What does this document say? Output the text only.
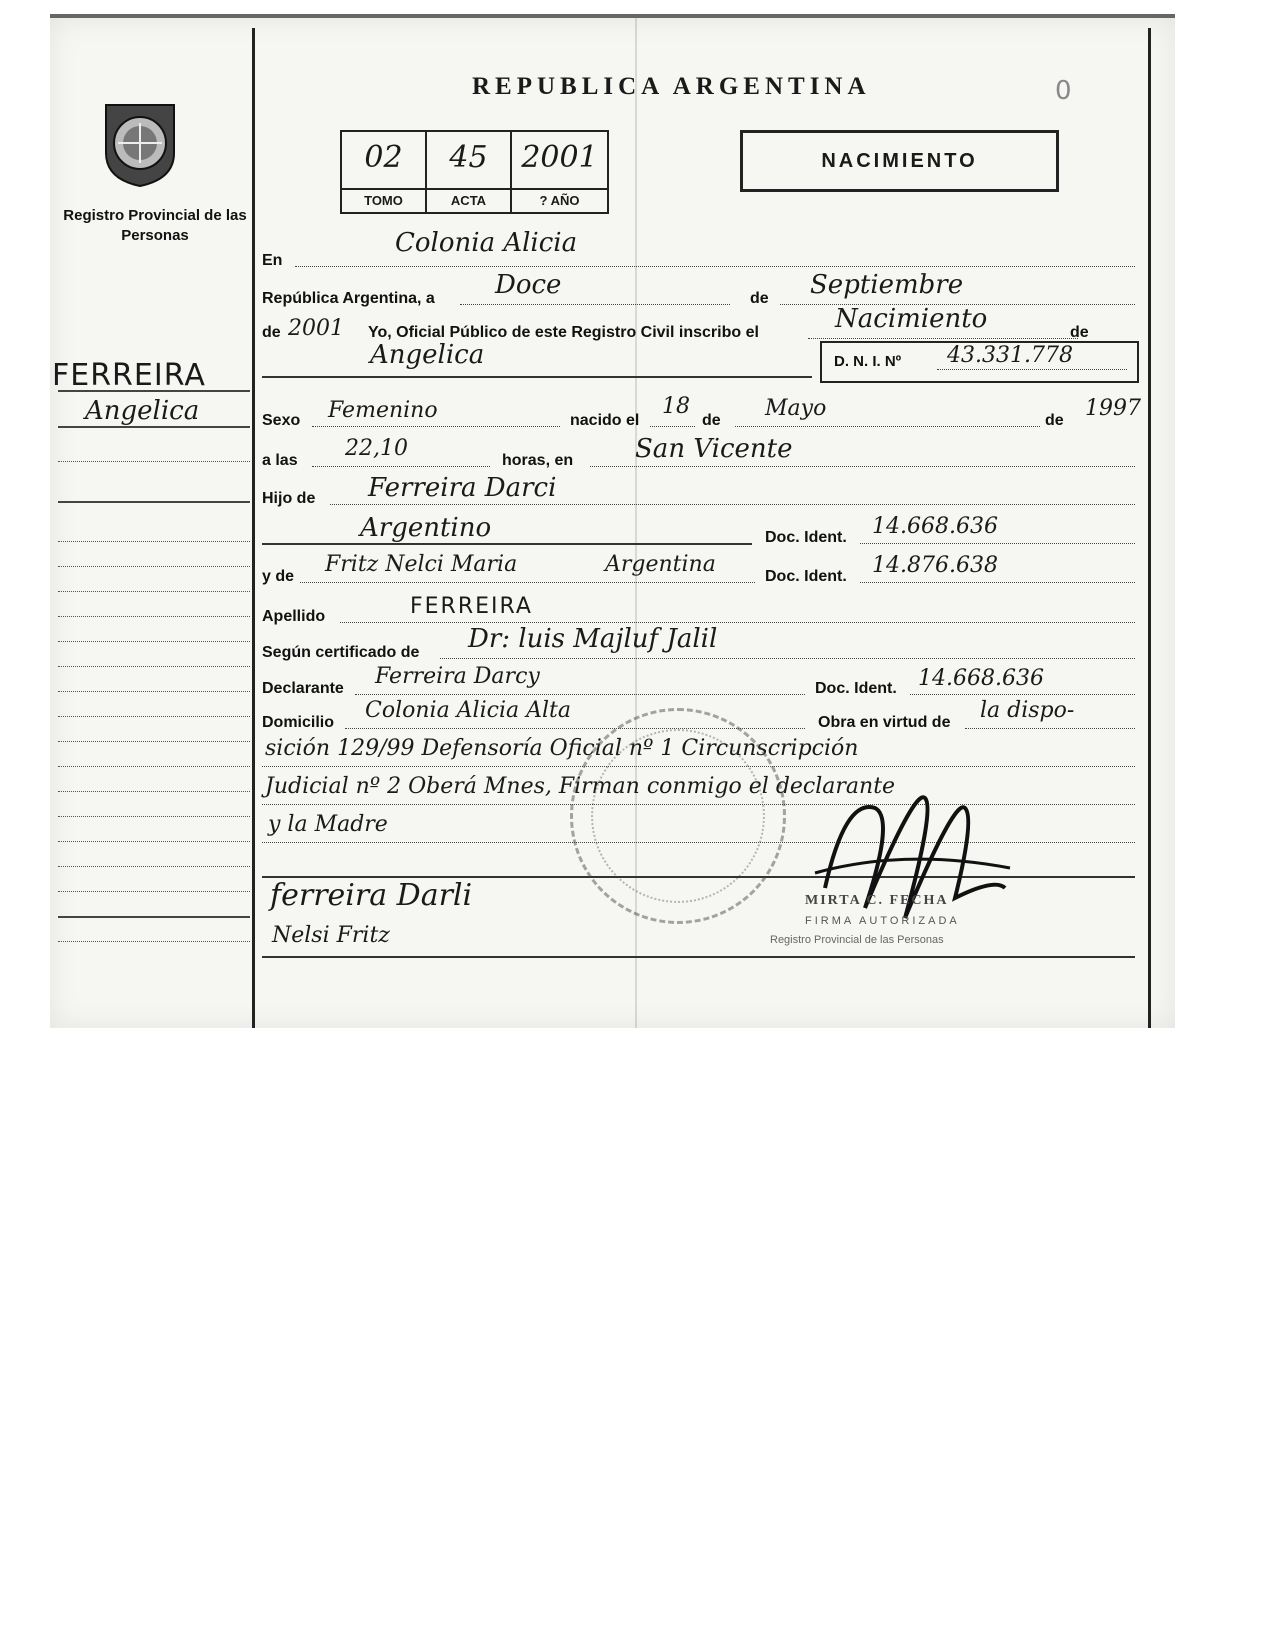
Registro Provincial de las Personas
FERREIRA
Angelica
REPUBLICA ARGENTINA	0
02
TOMO
45
ACTA
2001
? AÑO
NACIMIENTO
En
Colonia Alicia
República Argentina, a Doce	de Septiembre
de 2001 Yo, Oficial Público de este Registro Civil inscribo el	Nacimiento	de
Angelica	D. N. I. Nº 43.331.778
Sexo Femenino	nacido el
18
de Mayo	de 1997
a las 22,10	horas, en San Vicente
Hijo de Ferreira Darci
Argentino	Doc. Ident. 14.668.636
y de Fritz Nelci Maria	Argentina	Doc. Ident. 14.876.638
Apellido	FERREIRA
Según certificado de Dr: luis Majluf Jalil
Declarante Ferreira Darcy	Doc. Ident. 14.668.636
Domicilio Colonia Alicia Alta	Obra en virtud de la dispo-
sición 129/99 Defensoría Oficial nº 1 Circunscripción
Judicial nº 2 Oberá Mnes, Firman conmigo el declarante
y la Madre
ferreira Darli
Nelsi Fritz
MIRTA C. FECHA
FIRMA AUTORIZADA
Registro Provincial de las Personas
